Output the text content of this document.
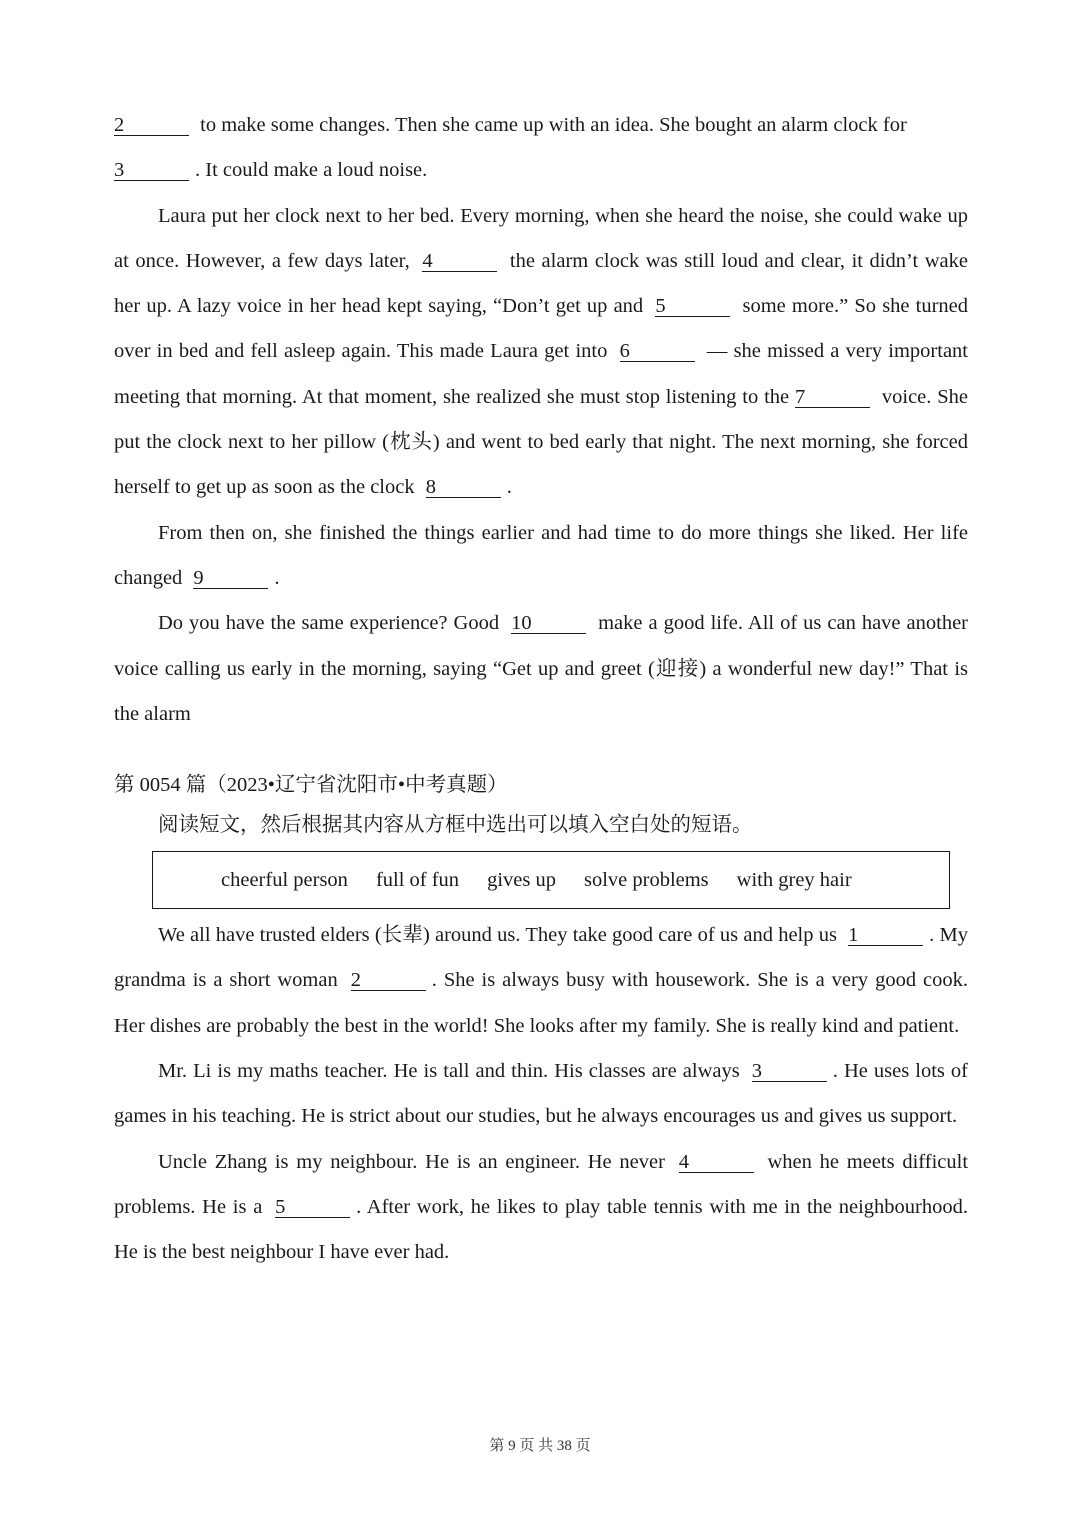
2	to make some changes. Then she came up with an idea. She bought an alarm clock for
3	. It could make a loud noise.

Laura put her clock next to her bed. Every morning, when she heard the noise, she could wake up at once. However, a few days later, 4	the alarm clock was still loud and clear, it didn’t wake her up. A lazy voice in her head kept saying, “Don’t get up and 5	some more.” So she turned over in bed and fell asleep again. This made Laura get into 6	— she missed a very important meeting that morning. At that moment, she realized she must stop listening to the 7	voice. She put the clock next to her pillow (枕头) and went to bed early that night. The next morning, she forced herself to get up as soon as the clock 8	.

From then on, she finished the things earlier and had time to do more things she liked. Her life changed 9	.

Do you have the same experience? Good 10	make a good life. All of us can have another voice calling us early in the morning, saying “Get up and greet (迎接) a wonderful new day!” That is the alarm

第 0054 篇（2023•辽宁省沈阳市•中考真题）

阅读短文，然后根据其内容从方框中选出可以填入空白处的短语。

cheerful person full of fun gives up solve problems with grey hair

We all have trusted elders (长辈) around us. They take good care of us and help us 1	. My grandma is a short woman 2	. She is always busy with housework. She is a very good cook. Her dishes are probably the best in the world! She looks after my family. She is really kind and patient.

Mr. Li is my maths teacher. He is tall and thin. His classes are always 3	. He uses lots of games in his teaching. He is strict about our studies, but he always encourages us and gives us support.

Uncle Zhang is my neighbour. He is an engineer. He never 4	when he meets difficult problems. He is a 5	. After work, he likes to play table tennis with me in the neighbourhood. He is the best neighbour I have ever had.

第 9 页 共 38 页
